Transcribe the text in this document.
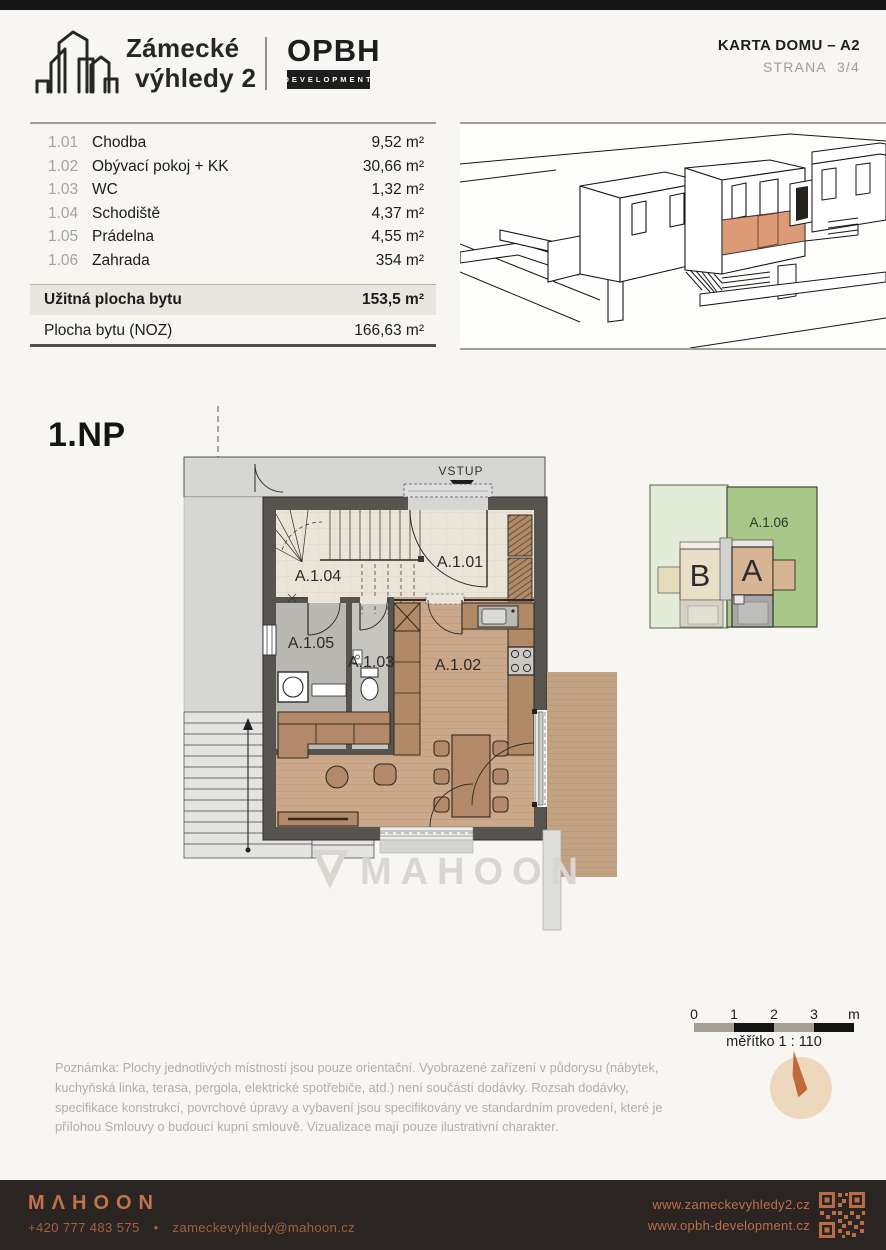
Zámecké
výhledy 2
OPBH
DEVELOPMENT
KARTA DOMU – A2
STRANA 3/4
1.01 Chodba	9,52 m²
1.02 Obývací pokoj + KK	30,66 m²
1.03 WC	1,32 m²
1.04 Schodiště	4,37 m²
1.05 Prádelna	4,55 m²
1.06 Zahrada	354 m²
Užitná plocha bytu	153,5 m²
Plocha bytu (NOZ)	166,63 m²
1.NP
VSTUP
A.1.01
A.1.04
A.1.05
A.1.03	A.1.02
MAHOON
A.1.06
B A
0 1 2 3 m
měřítko 1 : 110
Poznámka: Plochy jednotlivých místností jsou pouze orientační. Vyobrazené zařízení v půdorysu (nábytek, kuchyňská linka, terasa, pergola, elektrické spotřebiče, atd.) není součástí dodávky. Rozsah dodávky, specifikace konstrukcí, povrchové úpravy a vybavení jsou specifikovány ve standardním provedení, které je přílohou Smlouvy o budoucí kupní smlouvě. Vizualizace mají pouze ilustrativní charakter.
MΛHOON
+420 777 483 575 • zameckevyhledy@mahoon.cz
www.zameckevyhledy2.cz
www.opbh-development.cz
